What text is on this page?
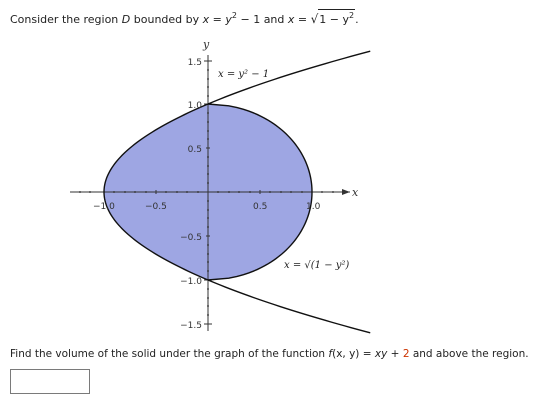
Consider the region D bounded by $x = y^2 - 1$ and $x = √1 - y^2$.
y
x
−1.0	−0.5	0.5	1.0
1.5
1.0
0.5
−0.5
−1.0
−1.5
x = y² − 1
x = √(1 − y²)
Find the volume of the solid under the graph of the function f(x, y) = xy + 2 and above the region.
